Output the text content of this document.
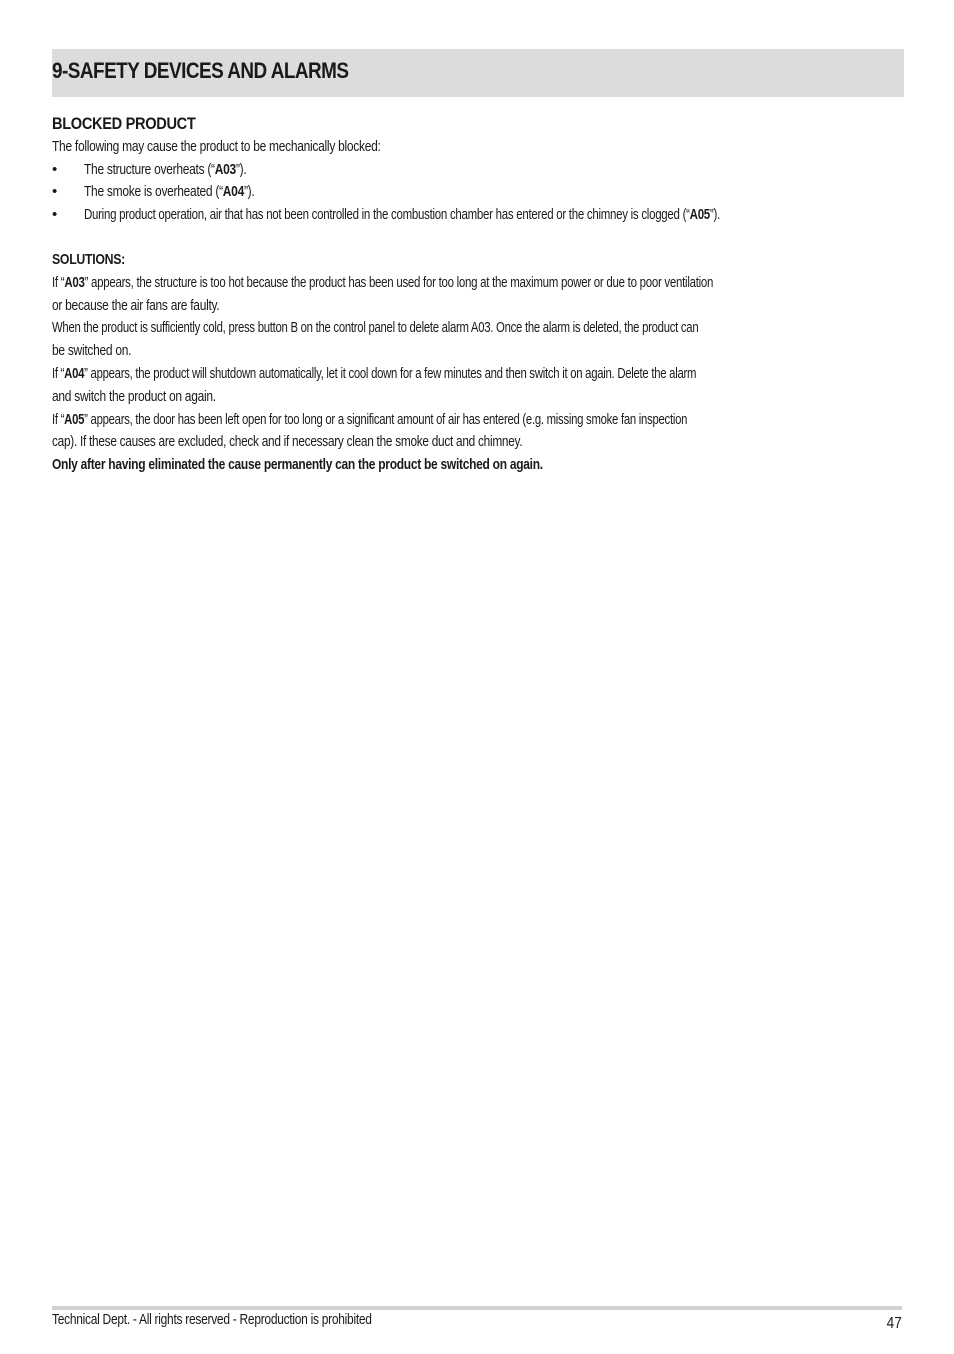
9-SAFETY DEVICES AND ALARMS
BLOCKED PRODUCT
The following may cause the product to be mechanically blocked:
•	The structure overheats (“A03”).
•	The smoke is overheated (“A04”).
•	During product operation, air that has not been controlled in the combustion chamber has entered or the chimney is clogged (“A05”).
SOLUTIONS:
If “A03” appears, the structure is too hot because the product has been used for too long at the maximum power or due to poor ventilation
or because the air fans are faulty.
When the product is sufficiently cold, press button B on the control panel to delete alarm A03. Once the alarm is deleted, the product can
be switched on.
If “A04” appears, the product will shutdown automatically, let it cool down for a few minutes and then switch it on again. Delete the alarm
and switch the product on again.
If “A05” appears, the door has been left open for too long or a significant amount of air has entered (e.g. missing smoke fan inspection
cap). If these causes are excluded, check and if necessary clean the smoke duct and chimney.
Only after having eliminated the cause permanently can the product be switched on again.
Technical Dept. - All rights reserved - Reproduction is prohibited	47
